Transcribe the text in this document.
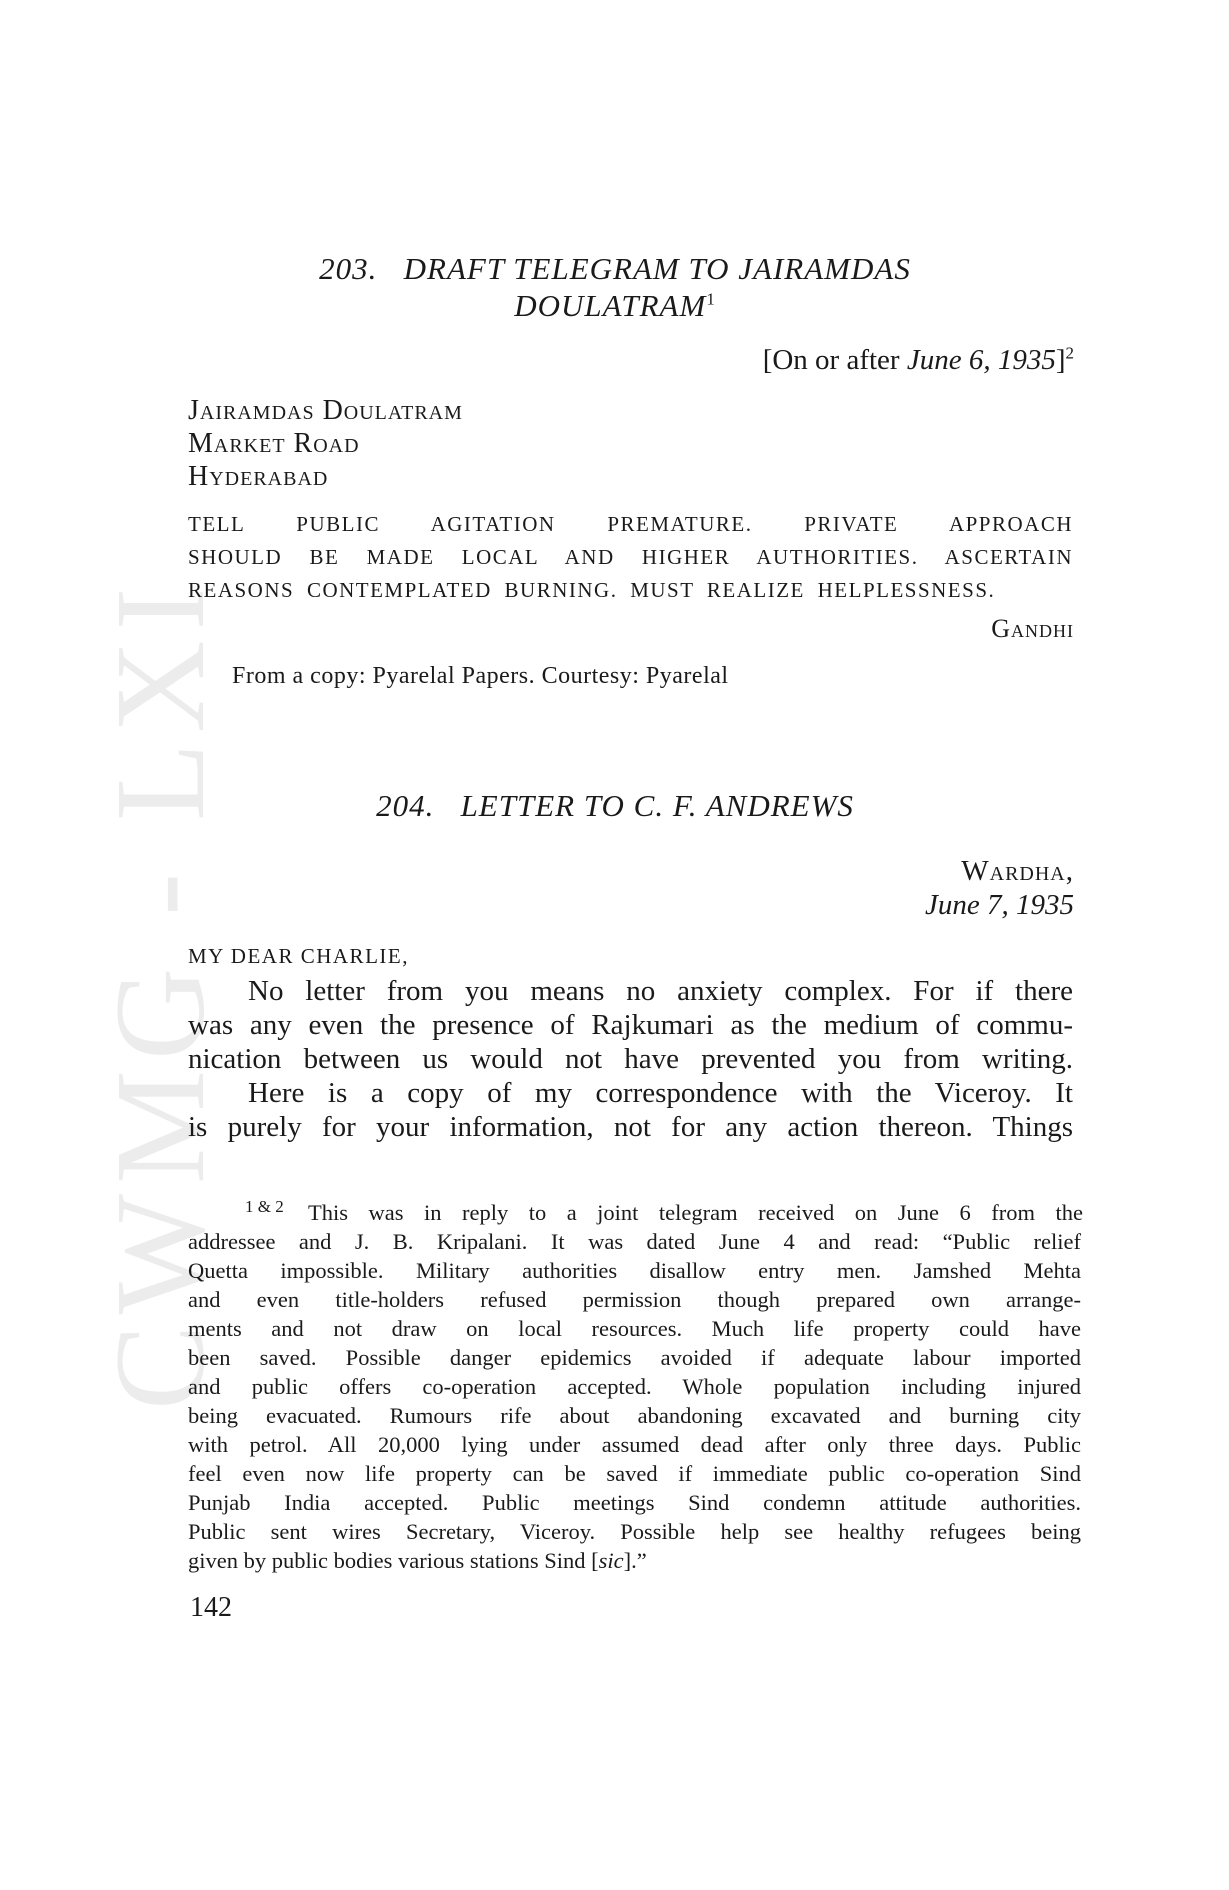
CWMG - LXI
203. DRAFT TELEGRAM TO JAIRAMDAS
DOULATRAM$^1$
[On or after June 6, 1935]$^2$
Jairamdas Doulatram
Market Road
Hyderabad
TELL PUBLIC AGITATION PREMATURE. PRIVATE APPROACH
SHOULD BE MADE LOCAL AND HIGHER AUTHORITIES. ASCERTAIN
REASONS CONTEMPLATED BURNING. MUST REALIZE HELPLESSNESS.
Gandhi
From a copy: Pyarelal Papers. Courtesy: Pyarelal
204. LETTER TO C. F. ANDREWS
Wardha,
June 7, 1935
MY DEAR CHARLIE,
No letter from you means no anxiety complex. For if there
was any even the presence of Rajkumari as the medium of commu-
nication between us would not have prevented you from writing.
Here is a copy of my correspondence with the Viceroy. It
is purely for your information, not for any action thereon. Things
1 & 2 This was in reply to a joint telegram received on June 6 from the
addressee and J. B. Kripalani. It was dated June 4 and read: “Public relief
Quetta impossible. Military authorities disallow entry men. Jamshed Mehta
and even title-holders refused permission though prepared own arrange-
ments and not draw on local resources. Much life property could have
been saved. Possible danger epidemics avoided if adequate labour imported
and public offers co-operation accepted. Whole population including injured
being evacuated. Rumours rife about abandoning excavated and burning city
with petrol. All 20,000 lying under assumed dead after only three days. Public
feel even now life property can be saved if immediate public co-operation Sind
Punjab India accepted. Public meetings Sind condemn attitude authorities.
Public sent wires Secretary, Viceroy. Possible help see healthy refugees being
given by public bodies various stations Sind [sic].”
142
